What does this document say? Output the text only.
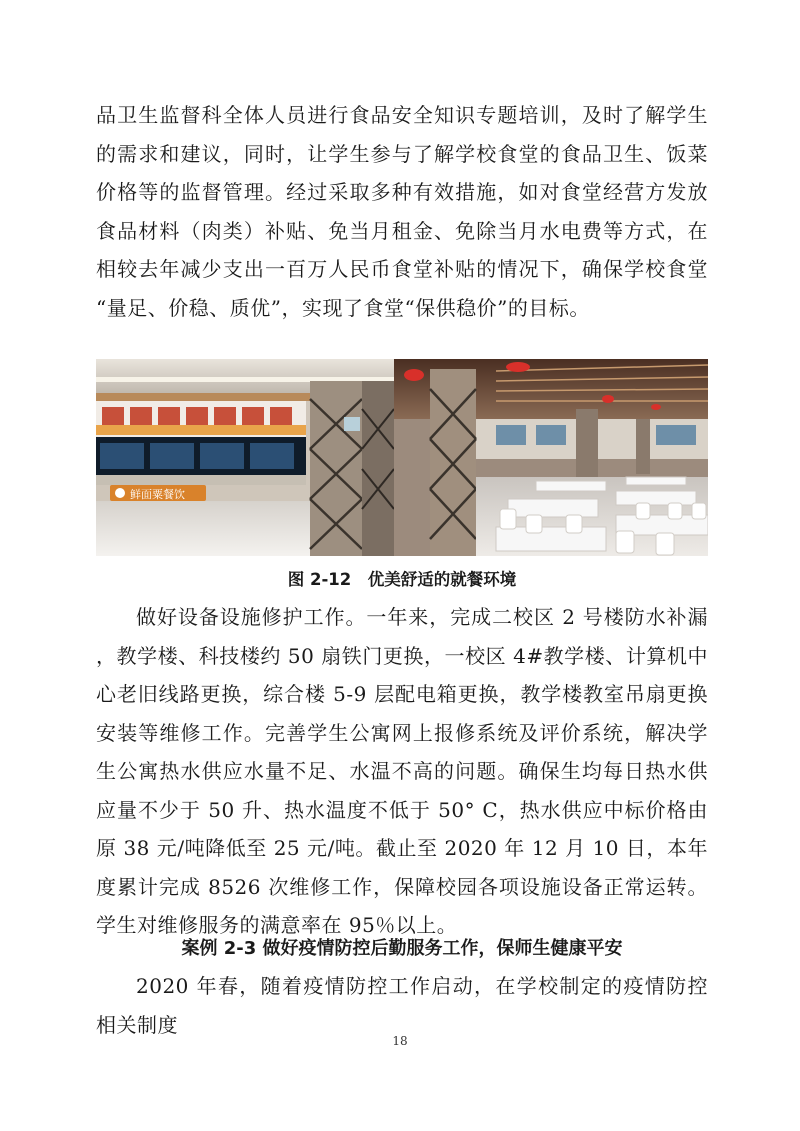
品卫生监督科全体人员进行食品安全知识专题培训，及时了解学生的需求和建议，同时，让学生参与了解学校食堂的食品卫生、饭菜价格等的监督管理。经过采取多种有效措施，如对食堂经营方发放食品材料（肉类）补贴、免当月租金、免除当月水电费等方式，在相较去年减少支出一百万人民币食堂补贴的情况下，确保学校食堂 “量足、价稳、质优”，实现了食堂“保供稳价”的目标。

鲜面粟餐饮

图 2-12　优美舒适的就餐环境

做好设备设施修护工作。一年来，完成二校区 2 号楼防水补漏 ，教学楼、科技楼约 50 扇铁门更换，一校区 4#教学楼、计算机中心老旧线路更换，综合楼 5-9 层配电箱更换，教学楼教室吊扇更换安装等维修工作。完善学生公寓网上报修系统及评价系统，解决学生公寓热水供应水量不足、水温不高的问题。确保生均每日热水供应量不少于 50 升、热水温度不低于 50° C，热水供应中标价格由原 38 元/吨降低至 25 元/吨。截止至 2020 年 12 月 10 日，本年度累计完成 8526 次维修工作，保障校园各项设施设备正常运转。学生对维修服务的满意率在 95％以上。

案例 2-3 做好疫情防控后勤服务工作，保师生健康平安

2020 年春，随着疫情防控工作启动，在学校制定的疫情防控相关制度

18
